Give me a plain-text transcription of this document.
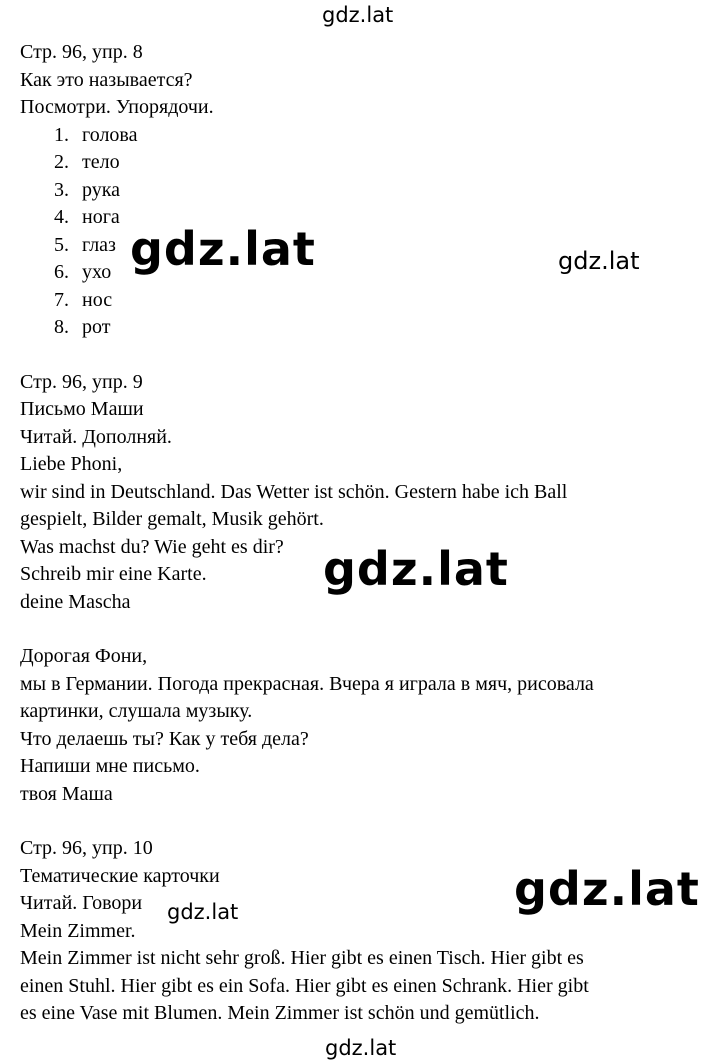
Стр. 96, упр. 8
Как это называется?
Посмотри. Упорядочи.
1. голова
2. тело
3. рука
4. нога
5. глаз
6. ухо
7. нос
8. рот
Стр. 96, упр. 9
Письмо Маши
Читай. Дополняй.
Liebe Phoni,
wir sind in Deutschland. Das Wetter ist schön. Gestern habe ich Ball
gespielt, Bilder gemalt, Musik gehört.
Was machst du? Wie geht es dir?
Schreib mir eine Karte.
deine Mascha
Дорогая Фони,
мы в Германии. Погода прекрасная. Вчера я играла в мяч, рисовала
картинки, слушала музыку.
Что делаешь ты? Как у тебя дела?
Напиши мне письмо.
твоя Маша
Стр. 96, упр. 10
Тематические карточки
Читай. Говори
Mein Zimmer.
Mein Zimmer ist nicht sehr groß. Hier gibt es einen Tisch. Hier gibt es
einen Stuhl. Hier gibt es ein Sofa. Hier gibt es einen Schrank. Hier gibt
es eine Vase mit Blumen. Mein Zimmer ist schön und gemütlich.
gdz.lat
gdz.lat	gdz.lat
gdz.lat
gdz.lat
gdz.lat
gdz.lat
